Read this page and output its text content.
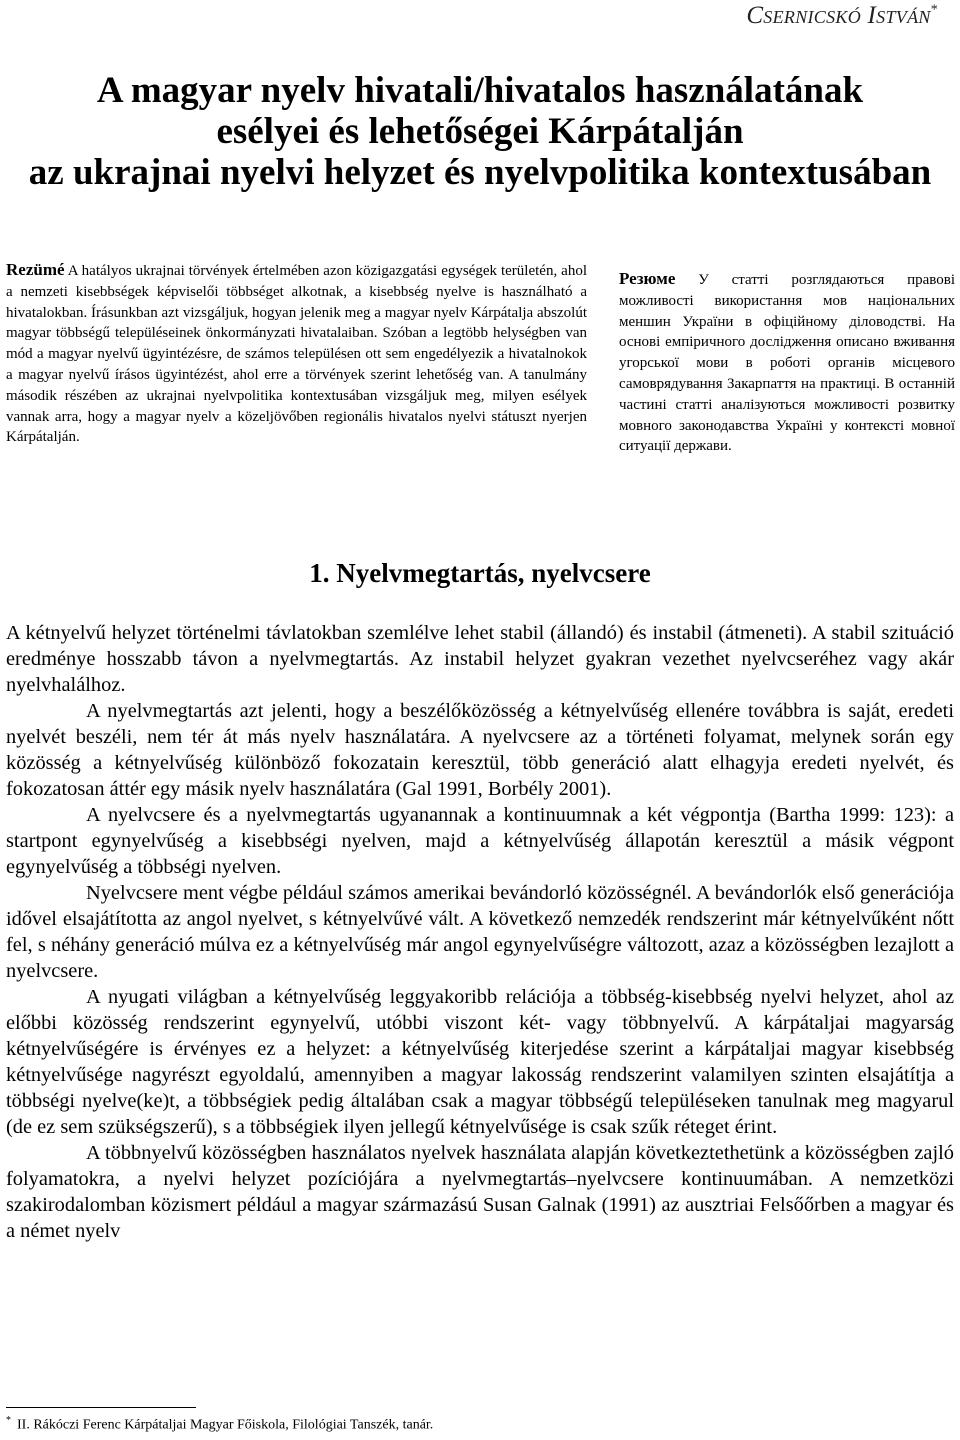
Csernicskó István*
A magyar nyelv hivatali/hivatalos használatának
esélyei és lehetőségei Kárpátalján
az ukrajnai nyelvi helyzet és nyelvpolitika kontextusában
Rezümé A hatályos ukrajnai törvények értelmében azon közigazgatási egységek területén, ahol a nemzeti kisebbségek képviselői többséget alkotnak, a kisebbség nyelve is használható a hivatalokban. Írásunkban azt vizsgáljuk, hogyan jelenik meg a magyar nyelv Kárpátalja abszolút magyar többségű településeinek önkormányzati hivatalaiban. Szóban a legtöbb helységben van mód a magyar nyelvű ügyintézésre, de számos településen ott sem engedélyezik a hivatalnokok a magyar nyelvű írásos ügyintézést, ahol erre a törvények szerint lehetőség van. A tanulmány második részében az ukrajnai nyelvpolitika kontextusában vizsgáljuk meg, milyen esélyek vannak arra, hogy a magyar nyelv a közeljövőben regionális hivatalos nyelvi státuszt nyerjen Kárpátalján.
Резюме У статті розглядаються правові можливості використання мов національних меншин України в офіційному діловодстві. На основі емпіричного дослідження описано вживання угорської мови в роботі органів місцевого самоврядування Закарпаття на практиці. В останній частині статті аналізуються можливості розвитку мовного законодавства Україні у контексті мовної ситуації держави.
1. Nyelvmegtartás, nyelvcsere

A kétnyelvű helyzet történelmi távlatokban szemlélve lehet stabil (állandó) és instabil (átmeneti). A stabil szituáció eredménye hosszabb távon a nyelvmegtartás. Az instabil helyzet gyakran vezethet nyelvcseréhez vagy akár nyelvhalálhoz.

A nyelvmegtartás azt jelenti, hogy a beszélőközösség a kétnyelvűség ellenére továbbra is saját, eredeti nyelvét beszéli, nem tér át más nyelv használatára. A nyelvcsere az a történeti folyamat, melynek során egy közösség a kétnyelvűség különböző fokozatain keresztül, több generáció alatt elhagyja eredeti nyelvét, és fokozatosan áttér egy másik nyelv használatára (Gal 1991, Borbély 2001).

A nyelvcsere és a nyelvmegtartás ugyanannak a kontinuumnak a két végpontja (Bartha 1999: 123): a startpont egynyelvűség a kisebbségi nyelven, majd a kétnyelvűség állapotán keresztül a másik végpont egynyelvűség a többségi nyelven.

Nyelvcsere ment végbe például számos amerikai bevándorló közösségnél. A bevándorlók első generációja idővel elsajátította az angol nyelvet, s kétnyelvűvé vált. A következő nemzedék rendszerint már kétnyelvűként nőtt fel, s néhány generáció múlva ez a kétnyelvűség már angol egynyelvűségre változott, azaz a közösségben lezajlott a nyelvcsere.

A nyugati világban a kétnyelvűség leggyakoribb relációja a többség-kisebbség nyelvi helyzet, ahol az előbbi közösség rendszerint egynyelvű, utóbbi viszont két- vagy többnyelvű. A kárpátaljai magyarság kétnyelvűségére is érvényes ez a helyzet: a kétnyelvűség kiterjedése szerint a kárpátaljai magyar kisebbség kétnyelvűsége nagyrészt egyoldalú, amennyiben a magyar lakosság rendszerint valamilyen szinten elsajátítja a többségi nyelve(ke)t, a többségiek pedig általában csak a magyar többségű településeken tanulnak meg magyarul (de ez sem szükségszerű), s a többségiek ilyen jellegű kétnyelvűsége is csak szűk réteget érint.

A többnyelvű közösségben használatos nyelvek használata alapján következtethetünk a közösségben zajló folyamatokra, a nyelvi helyzet pozíciójára a nyelvmegtartás–nyelvcsere kontinuumában. A nemzetközi szakirodalomban közismert például a magyar származású Susan Galnak (1991) az ausztriai Felsőőrben a magyar és a német nyelv

* II. Rákóczi Ferenc Kárpátaljai Magyar Főiskola, Filológiai Tanszék, tanár.
